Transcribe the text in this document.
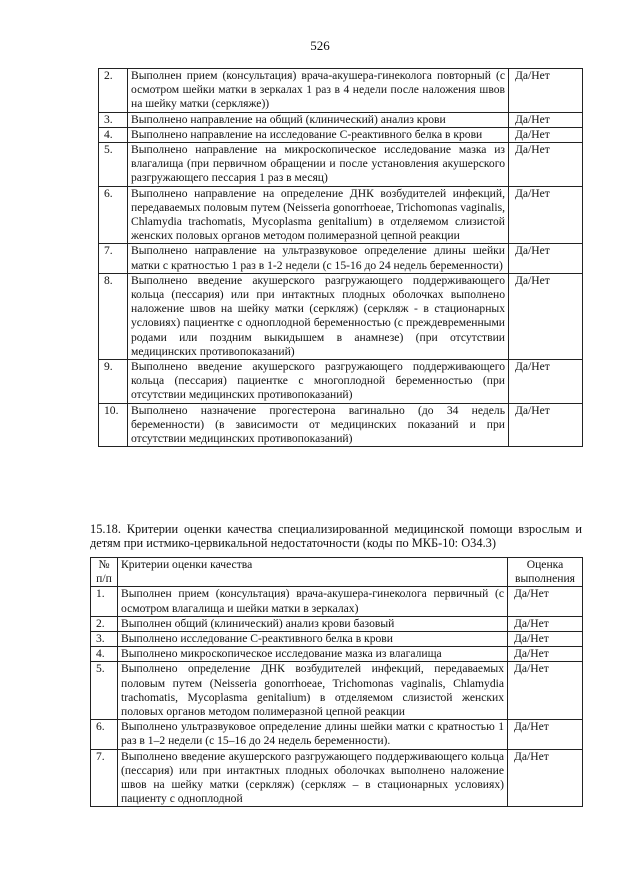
526
2.	Выполнен прием (консультация) врача-акушера-гинеколога повторный (с осмотром шейки матки в зеркалах 1 раз в 4 недели после наложения швов на шейку матки (серкляже))	Да/Нет
3.	Выполнено направление на общий (клинический) анализ крови	Да/Нет
4.	Выполнено направление на исследование С-реактивного белка в крови	Да/Нет
5.	Выполнено направление на микроскопическое исследование мазка из влагалища (при первичном обращении и после установления акушерского разгружающего пессария 1 раз в месяц)	Да/Нет
6.	Выполнено направление на определение ДНК возбудителей инфекций, передаваемых половым путем (Neisseria gonorrhoeae, Trichomonas vaginalis, Chlamydia trachomatis, Mycoplasma genitalium) в отделяемом слизистой женских половых органов методом полимеразной цепной реакции	Да/Нет
7.	Выполнено направление на ультразвуковое определение длины шейки матки с кратностью 1 раз в 1-2 недели (с 15-16 до 24 недель беременности)	Да/Нет
8.	Выполнено введение акушерского разгружающего поддерживающего кольца (пессария) или при интактных плодных оболочках выполнено наложение швов на шейку матки (серкляж) (серкляж - в стационарных условиях) пациентке с одноплодной беременностью (с преждевременными родами или поздним выкидышем в анамнезе) (при отсутствии медицинских противопоказаний)	Да/Нет
9.	Выполнено введение акушерского разгружающего поддерживающего кольца (пессария) пациентке с многоплодной беременностью (при отсутствии медицинских противопоказаний)	Да/Нет
10.	Выполнено назначение прогестерона вагинально (до 34 недель беременности) (в зависимости от медицинских показаний и при отсутствии медицинских противопоказаний)	Да/Нет
15.18. Критерии оценки качества специализированной медицинской помощи взрослым и детям при истмико-цервикальной недостаточности (коды по МКБ-10: O34.3)
№ п/п	Критерии оценки качества	Оценка выполнения
1.	Выполнен прием (консультация) врача-акушера-гинеколога первичный (с осмотром влагалища и шейки матки в зеркалах)	Да/Нет
2.	Выполнен общий (клинический) анализ крови базовый	Да/Нет
3.	Выполнено исследование С-реактивного белка в крови	Да/Нет
4.	Выполнено микроскопическое исследование мазка из влагалища	Да/Нет
5.	Выполнено определение ДНК возбудителей инфекций, передаваемых половым путем (Neisseria gonorrhoeae, Trichomonas vaginalis, Chlamydia trachomatis, Mycoplasma genitalium) в отделяемом слизистой женских половых органов методом полимеразной цепной реакции	Да/Нет
6.	Выполнено ультразвуковое определение длины шейки матки с кратностью 1 раз в 1–2 недели (с 15–16 до 24 недель беременности).	Да/Нет
7.	Выполнено введение акушерского разгружающего поддерживающего кольца (пессария) или при интактных плодных оболочках выполнено наложение швов на шейку матки (серкляж) (серкляж – в стационарных условиях) пациенту с одноплодной	Да/Нет
